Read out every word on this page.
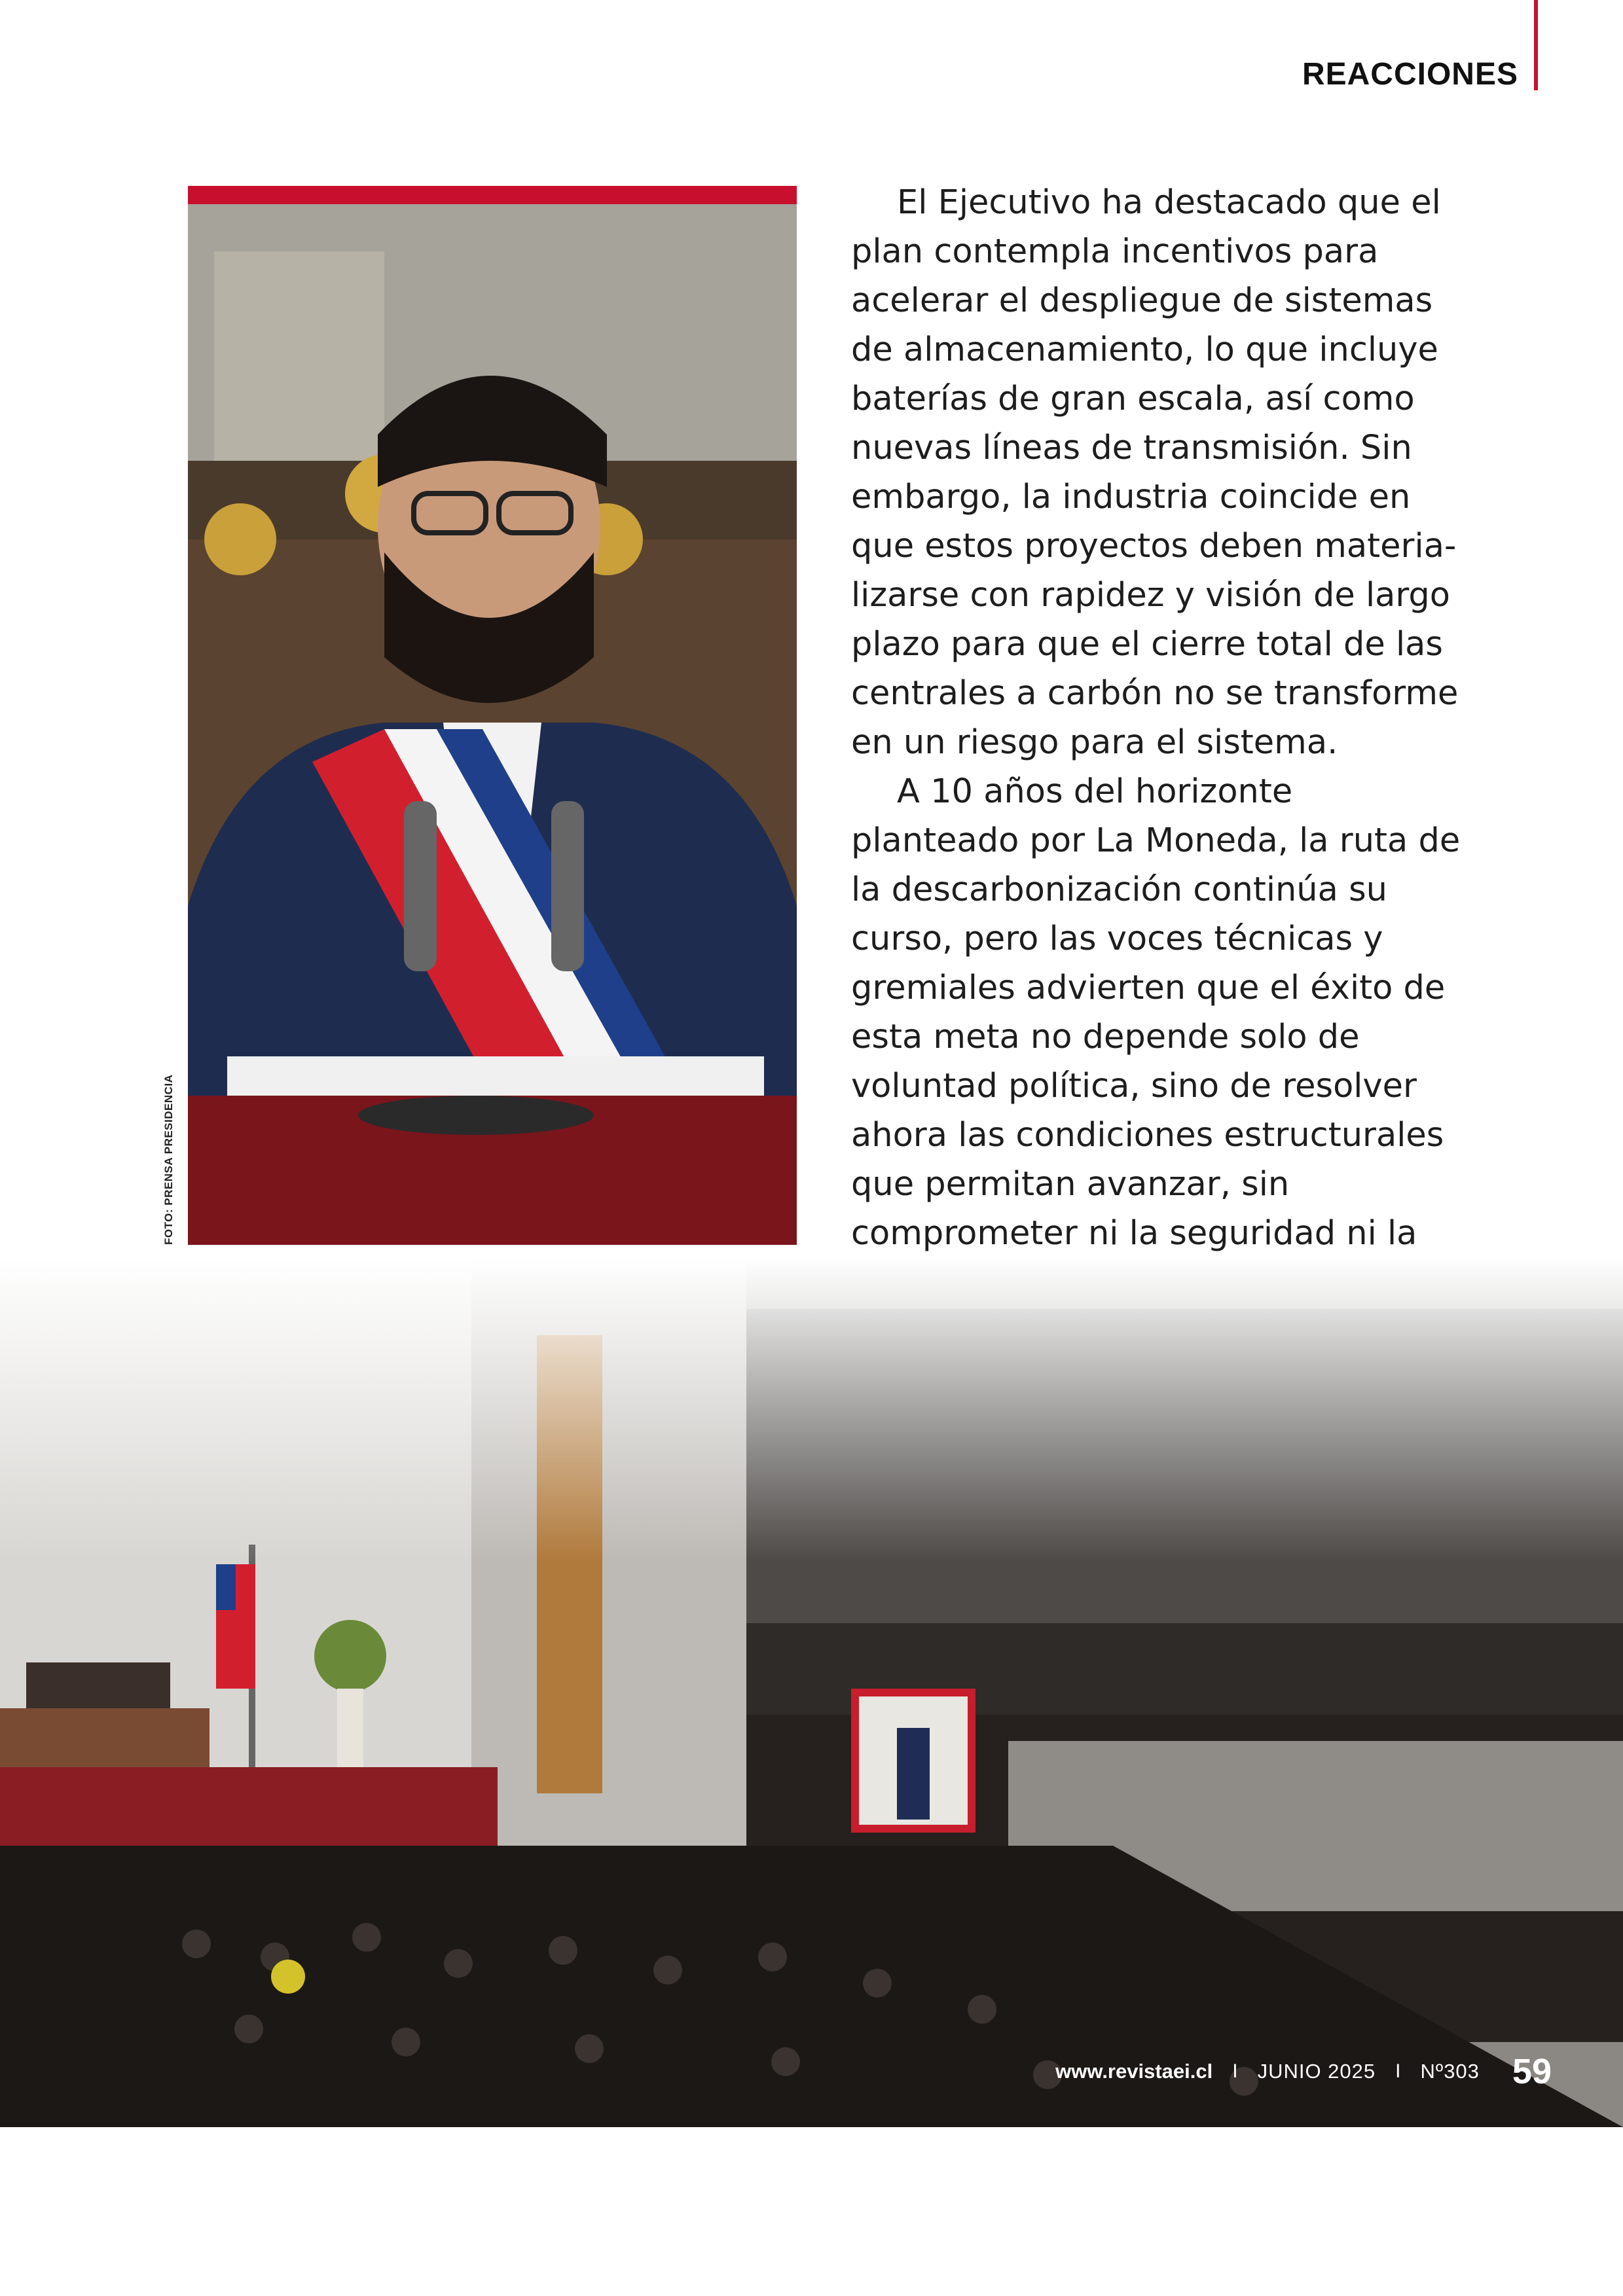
REACCIONES

FOTO: PRENSA PRESIDENCIA

El Ejecutivo ha destacado que el plan contempla incentivos para acelerar el despliegue de sistemas de almacenamiento, lo que incluye baterías de gran escala, así como nuevas líneas de transmisión. Sin embargo, la industria coincide en que estos proyectos deben materializarse con rapidez y visión de largo plazo para que el cierre total de las centrales a carbón no se transforme en un riesgo para el sistema.

A 10 años del horizonte planteado por La Moneda, la ruta de la descarbonización continúa su curso, pero las voces técnicas y gremiales advierten que el éxito de esta meta no depende solo de voluntad política, sino de resolver ahora las condiciones estructurales que permitan avanzar, sin comprometer ni la seguridad ni la

www.revistaei.cl I JUNIO 2025 I Nº303 59
